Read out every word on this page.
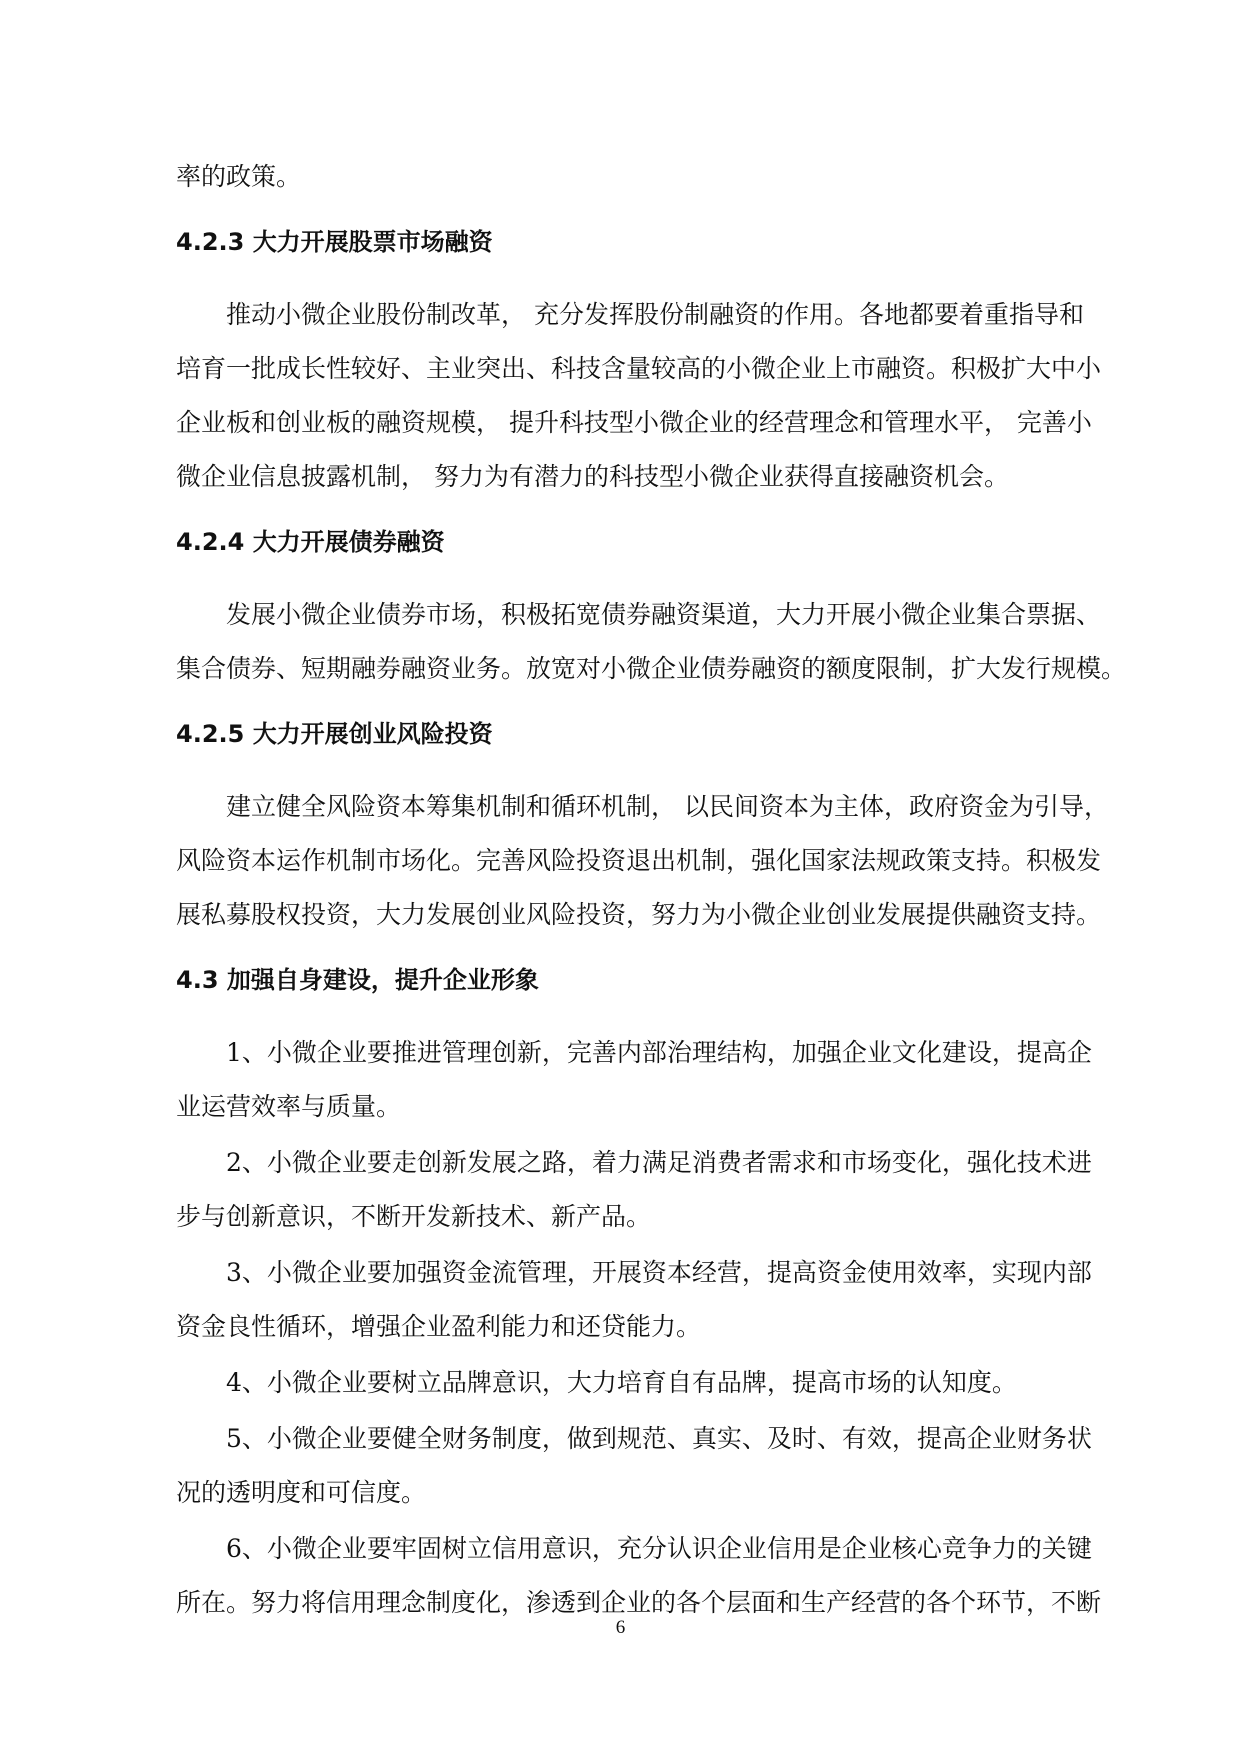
率的政策。
4.2.3 大力开展股票市场融资
推动小微企业股份制改革， 充分发挥股份制融资的作用。各地都要着重指导和
培育一批成长性较好、主业突出、科技含量较高的小微企业上市融资。积极扩大中小
企业板和创业板的融资规模， 提升科技型小微企业的经营理念和管理水平， 完善小
微企业信息披露机制， 努力为有潜力的科技型小微企业获得直接融资机会。
4.2.4 大力开展债券融资
发展小微企业债券市场，积极拓宽债券融资渠道，大力开展小微企业集合票据、
集合债券、短期融券融资业务。放宽对小微企业债券融资的额度限制，扩大发行规模。
4.2.5 大力开展创业风险投资
建立健全风险资本筹集机制和循环机制， 以民间资本为主体，政府资金为引导，
风险资本运作机制市场化。完善风险投资退出机制，强化国家法规政策支持。积极发
展私募股权投资，大力发展创业风险投资，努力为小微企业创业发展提供融资支持。
4.3 加强自身建设，提升企业形象
1、小微企业要推进管理创新，完善内部治理结构，加强企业文化建设，提高企
业运营效率与质量。
2、小微企业要走创新发展之路，着力满足消费者需求和市场变化，强化技术进
步与创新意识，不断开发新技术、新产品。
3、小微企业要加强资金流管理，开展资本经营，提高资金使用效率，实现内部
资金良性循环，增强企业盈利能力和还贷能力。
4、小微企业要树立品牌意识，大力培育自有品牌，提高市场的认知度。
5、小微企业要健全财务制度，做到规范、真实、及时、有效，提高企业财务状
况的透明度和可信度。
6、小微企业要牢固树立信用意识，充分认识企业信用是企业核心竞争力的关键
所在。努力将信用理念制度化，渗透到企业的各个层面和生产经营的各个环节，不断
6
